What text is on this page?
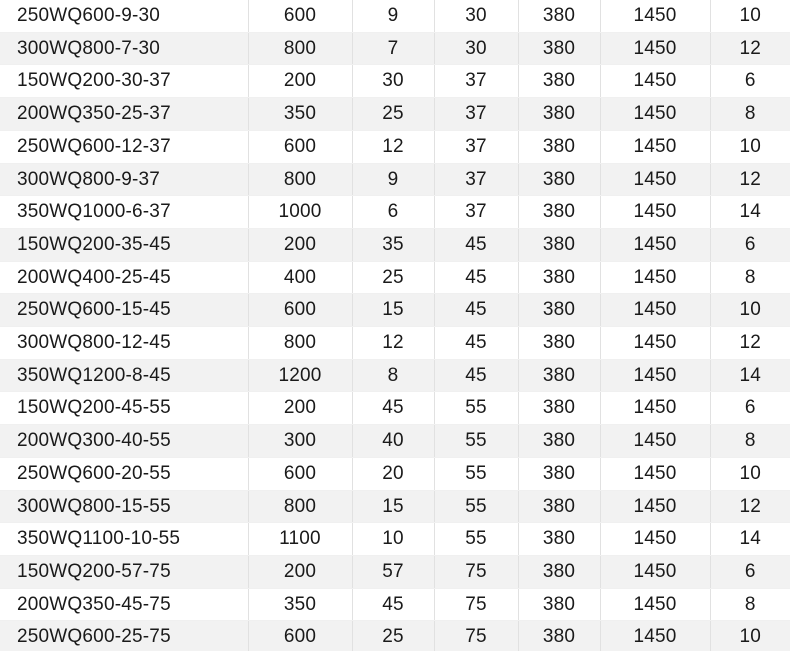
250WQ600-9-30	600	9	30	380	1450	10
300WQ800-7-30	800	7	30	380	1450	12
150WQ200-30-37	200	30	37	380	1450	6
200WQ350-25-37	350	25	37	380	1450	8
250WQ600-12-37	600	12	37	380	1450	10
300WQ800-9-37	800	9	37	380	1450	12
350WQ1000-6-37	1000	6	37	380	1450	14
150WQ200-35-45	200	35	45	380	1450	6
200WQ400-25-45	400	25	45	380	1450	8
250WQ600-15-45	600	15	45	380	1450	10
300WQ800-12-45	800	12	45	380	1450	12
350WQ1200-8-45	1200	8	45	380	1450	14
150WQ200-45-55	200	45	55	380	1450	6
200WQ300-40-55	300	40	55	380	1450	8
250WQ600-20-55	600	20	55	380	1450	10
300WQ800-15-55	800	15	55	380	1450	12
350WQ1100-10-55	1100	10	55	380	1450	14
150WQ200-57-75	200	57	75	380	1450	6
200WQ350-45-75	350	45	75	380	1450	8
250WQ600-25-75	600	25	75	380	1450	10
